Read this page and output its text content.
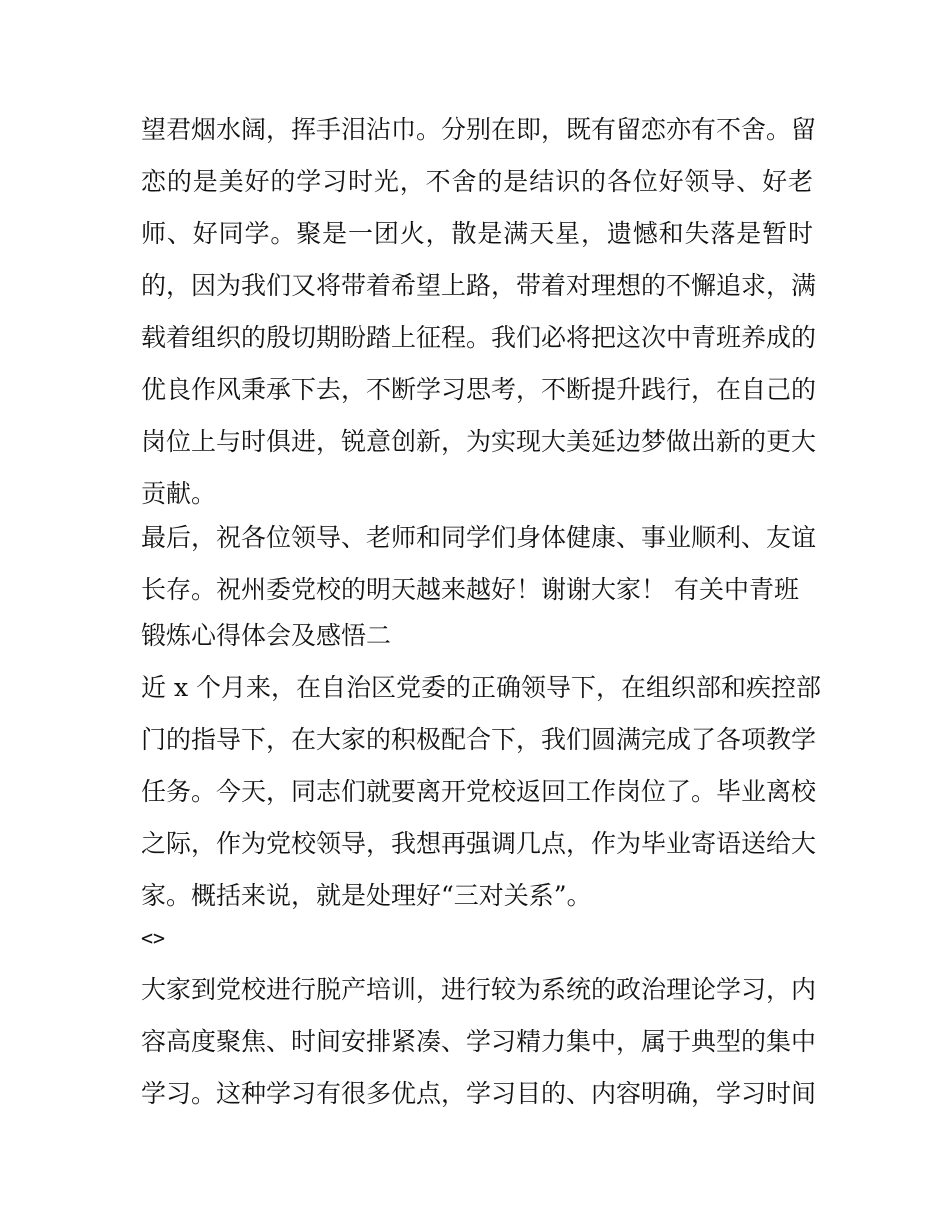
望君烟水阔，挥手泪沾巾。分别在即，既有留恋亦有不舍。留
恋的是美好的学习时光，不舍的是结识的各位好领导、好老
师、好同学。聚是一团火，散是满天星，遗憾和失落是暂时
的，因为我们又将带着希望上路，带着对理想的不懈追求，满
载着组织的殷切期盼踏上征程。我们必将把这次中青班养成的
优良作风秉承下去，不断学习思考，不断提升践行，在自己的
岗位上与时俱进，锐意创新，为实现大美延边梦做出新的更大
贡献。
最后，祝各位领导、老师和同学们身体健康、事业顺利、友谊
长存。祝州委党校的明天越来越好！谢谢大家！ 有关中青班
锻炼心得体会及感悟二
近 x 个月来，在自治区党委的正确领导下，在组织部和疾控部
门的指导下，在大家的积极配合下，我们圆满完成了各项教学
任务。今天，同志们就要离开党校返回工作岗位了。毕业离校
之际，作为党校领导，我想再强调几点，作为毕业寄语送给大
家。概括来说，就是处理好“三对关系”。
<>
大家到党校进行脱产培训，进行较为系统的政治理论学习，内
容高度聚焦、时间安排紧凑、学习精力集中，属于典型的集中
学习。这种学习有很多优点，学习目的、内容明确，学习时间
